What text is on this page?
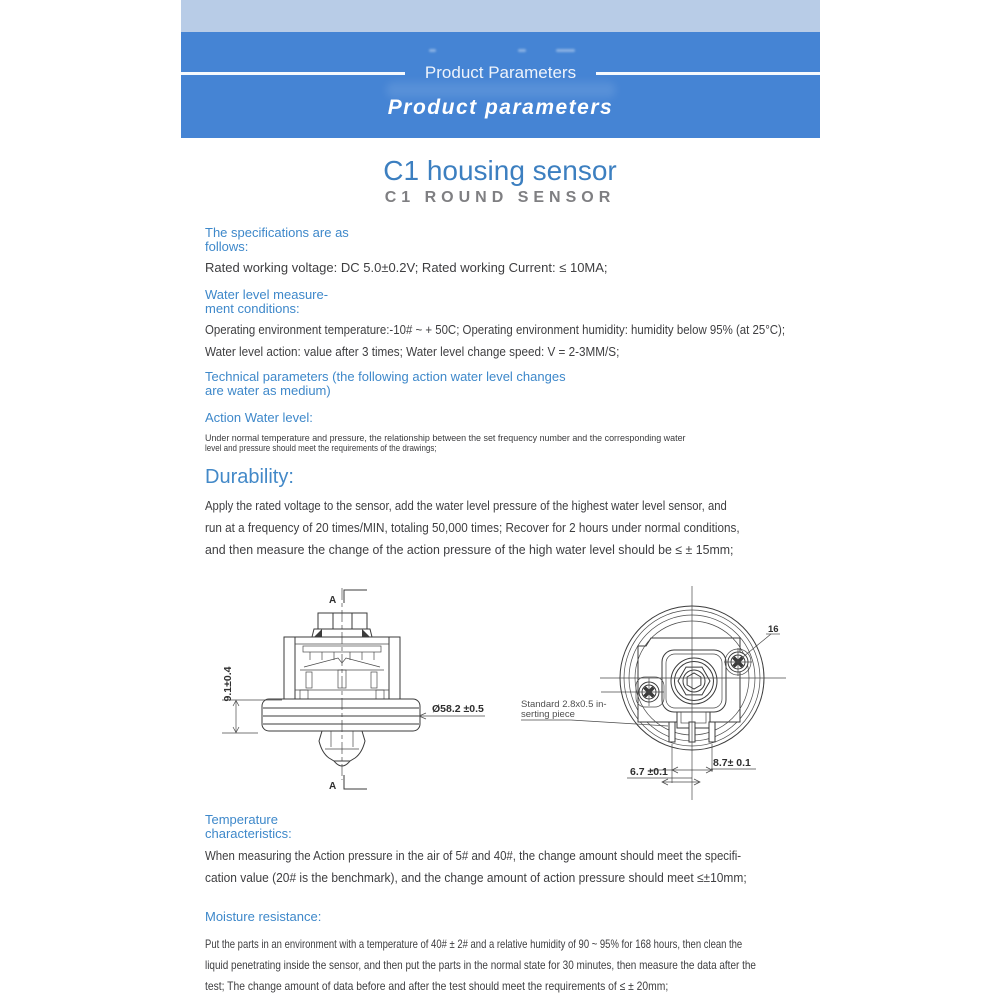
Product Parameters
Product parameters
C1 housing sensor
C1 ROUND SENSOR
The specifications are as
follows:
Rated working voltage: DC 5.0±0.2V; Rated working Current: ≤ 10MA;
Water level measure-
ment conditions:
Operating environment temperature:-10# ~ + 50C; Operating environment humidity: humidity below 95% (at 25°C);
Water level action: value after 3 times; Water level change speed: V = 2-3MM/S;
Technical parameters (the following action water level changes
are water as medium)
Action Water level:
Under normal temperature and pressure, the relationship between the set frequency number and the corresponding water
level and pressure should meet the requirements of the drawings;
Durability:
Apply the rated voltage to the sensor, add the water level pressure of the highest water level sensor, and
run at a frequency of 20 times/MIN, totaling 50,000 times; Recover for 2 hours under normal conditions,
and then measure the change of the action pressure of the high water level should be ≤ ± 15mm;
A
A
9.1±0.4
Ø58.2 ±0.5
16
Standard 2.8x0.5 in-
serting piece
6.7 ±0.1
8.7± 0.1
Temperature
characteristics:
When measuring the Action pressure in the air of 5# and 40#, the change amount should meet the specifi-
cation value (20# is the benchmark), and the change amount of action pressure should meet ≤±10mm;
Moisture resistance:
Put the parts in an environment with a temperature of 40# ± 2# and a relative humidity of 90 ~ 95% for 168 hours, then clean the
liquid penetrating inside the sensor, and then put the parts in the normal state for 30 minutes, then measure the data after the
test; The change amount of data before and after the test should meet the requirements of ≤ ± 20mm;
